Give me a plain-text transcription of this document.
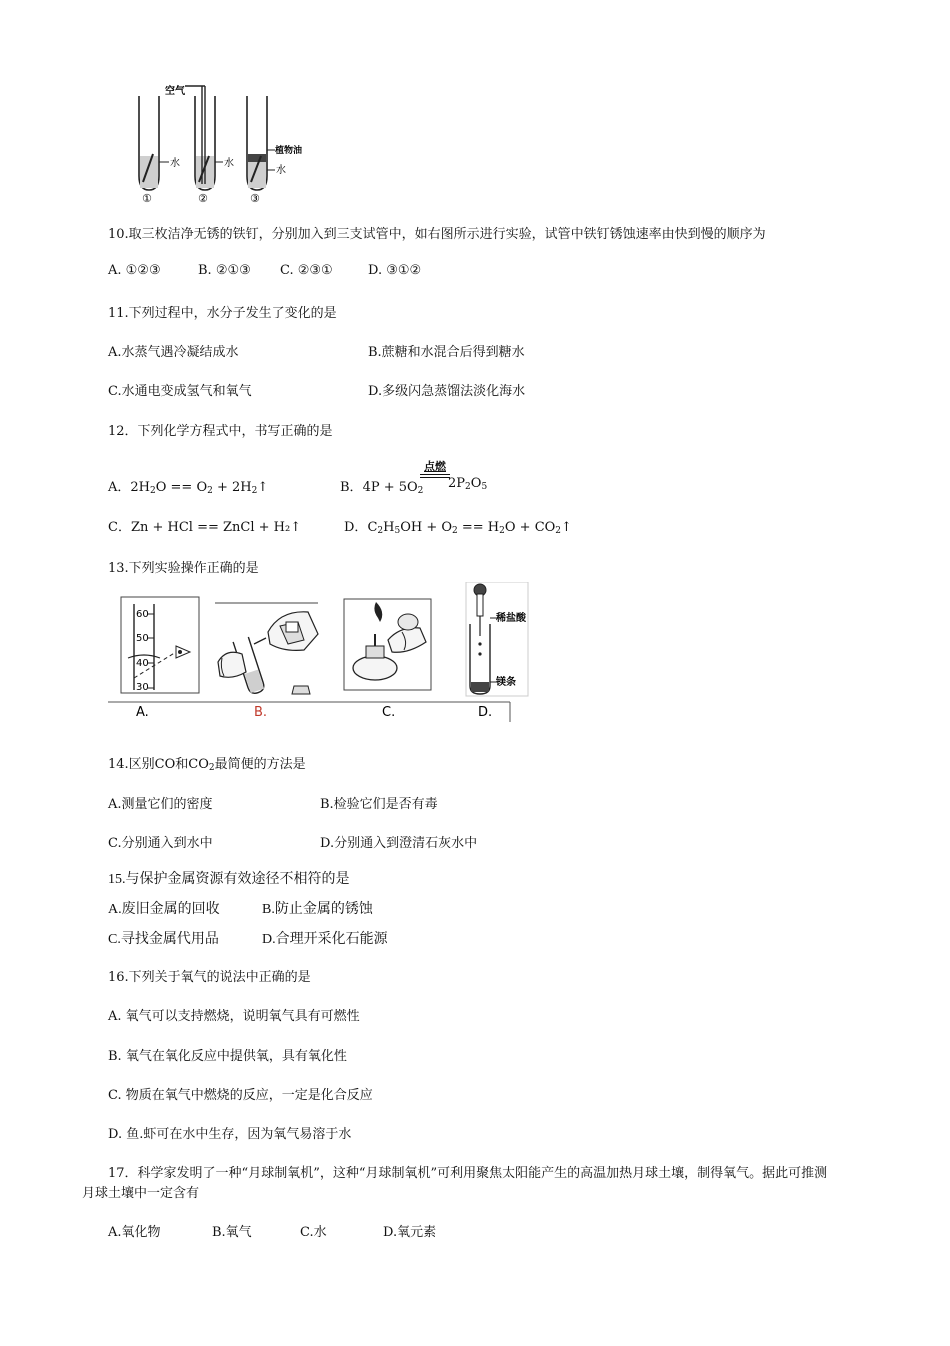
水
①
空气
水
②
植物油
水
③
10.取三枚洁净无锈的铁钉，分别加入到三支试管中，如右图所示进行实验，试管中铁钉锈蚀速率由快到慢的顺序为
A. ①②③	B. ②①③ C. ②③①	D. ③①②
11.下列过程中，水分子发生了变化的是
A.水蒸气遇冷凝结成水	B.蔗糖和水混合后得到糖水
C.水通电变成氢气和氧气	D.多级闪急蒸馏法淡化海水
12．下列化学方程式中，书写正确的是
A．$2H_2O == O_2$ + $2H_2↑$	B．$4P + 5O_2$
点燃
$2P_2O_5$
C．Zn + HCl == ZnCl + H₂↑	D．$C_2H_5OH + O_2 == H_2O$ + $CO_2↑$
13.下列实验操作正确的是
60
50
40
30
稀盐酸
镁条
A.	B.	C.	D.
14.区别CO和$CO_2$最简便的方法是
A.测量它们的密度	B.检验它们是否有毒
C.分别通入到水中	D.分别通入到澄清石灰水中
15.与保护金属资源有效途径不相符的是
A.废旧金属的回收	B.防止金属的锈蚀
C.寻找金属代用品	D.合理开采化石能源
16.下列关于氧气的说法中正确的是
A. 氧气可以支持燃烧，说明氧气具有可燃性
B. 氧气在氧化反应中提供氧，具有氧化性
C. 物质在氧气中燃烧的反应，一定是化合反应
D. 鱼.虾可在水中生存，因为氧气易溶于水
17．科学家发明了一种“月球制氧机”，这种“月球制氧机”可利用聚焦太阳能产生的高温加热月球土壤，制得氧气。据此可推测
月球土壤中一定含有
A.氧化物	B.氧气	C.水	D.氧元素
